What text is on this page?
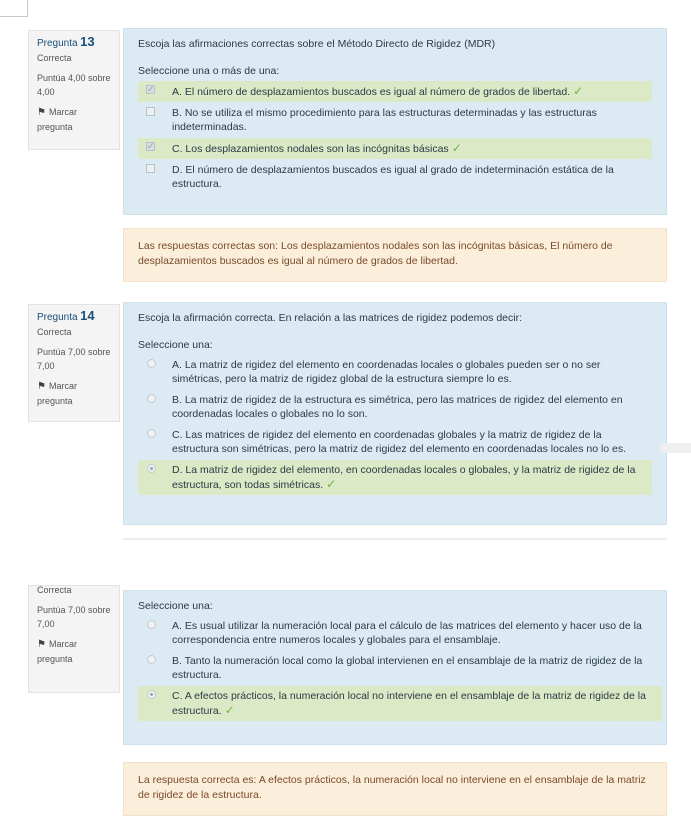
Pregunta 13
Correcta
Puntúa 4,00 sobre 4,00
⚑ Marcar pregunta

Escoja las afirmaciones correctas sobre el Método Directo de Rigidez (MDR)

Seleccione una o más de una:

✓
A. El número de desplazamientos buscados es igual al número de grados de libertad. ✓
B. No se utiliza el mismo procedimiento para las estructuras determinadas y las estructuras indeterminadas.
✓
C. Los desplazamientos nodales son las incógnitas básicas ✓
D. El número de desplazamientos buscados es igual al grado de indeterminación estática de la estructura.
Las respuestas correctas son: Los desplazamientos nodales son las incógnitas básicas, El número de desplazamientos buscados es igual al número de grados de libertad.
Pregunta 14
Correcta
Puntúa 7,00 sobre 7,00
⚑ Marcar pregunta

Escoja la afirmación correcta. En relación a las matrices de rigidez podemos decir:

Seleccione una:

A. La matriz de rigidez del elemento en coordenadas locales o globales pueden ser o no ser simétricas, pero la matriz de rigidez global de la estructura siempre lo es.
B. La matriz de rigidez de la estructura es simétrica, pero las matrices de rigidez del elemento en coordenadas locales o globales no lo son.
C. Las matrices de rigidez del elemento en coordenadas globales y la matriz de rigidez de la estructura son simétricas, pero la matriz de rigidez del elemento en coordenadas locales no lo es.
D. La matriz de rigidez del elemento, en coordenadas locales o globales, y la matriz de rigidez de la estructura, son todas simétricas. ✓
Correcta
Puntúa 7,00 sobre 7,00
⚑ Marcar pregunta

Seleccione una:

A. Es usual utilizar la numeración local para el cálculo de las matrices del elemento y hacer uso de la correspondencia entre numeros locales y globales para el ensamblaje.
B. Tanto la numeración local como la global intervienen en el ensamblaje de la matriz de rigidez de la estructura.
C. A efectos prácticos, la numeración local no interviene en el ensamblaje de la matriz de rigidez de la estructura. ✓
La respuesta correcta es: A efectos prácticos, la numeración local no interviene en el ensamblaje de la matriz de rigidez de la estructura.
